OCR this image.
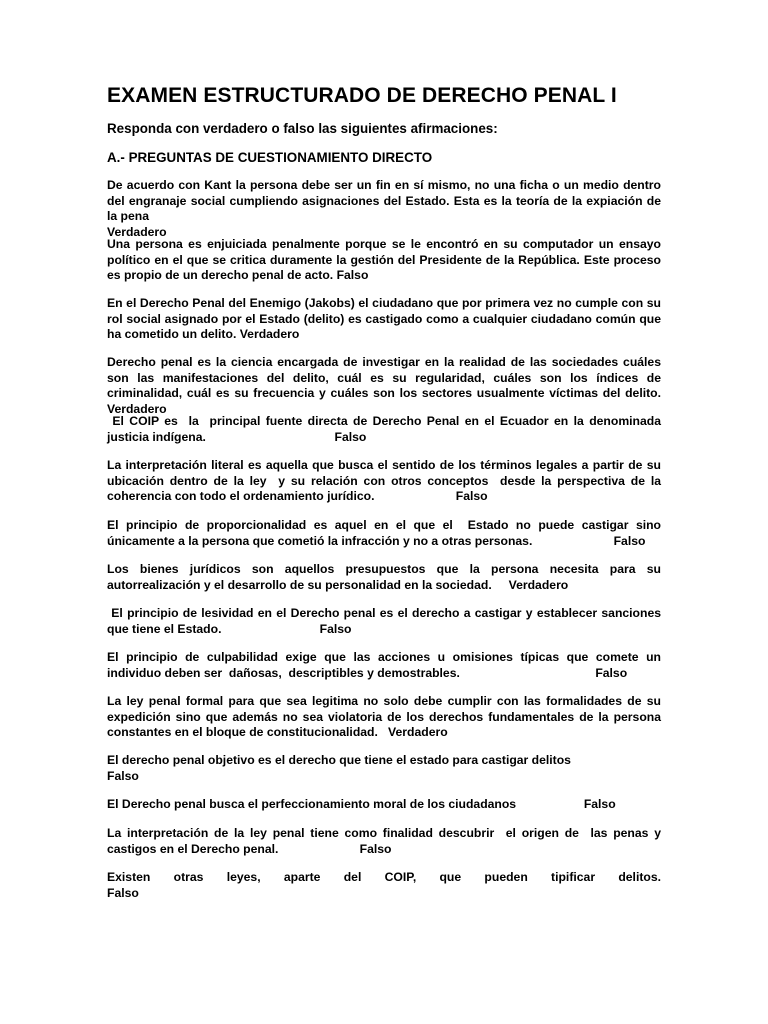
EXAMEN ESTRUCTURADO DE DERECHO PENAL I

Responda con verdadero o falso las siguientes afirmaciones:

A.- PREGUNTAS DE CUESTIONAMIENTO DIRECTO

De acuerdo con Kant la persona debe ser un fin en sí mismo, no una ficha o un medio dentro del engranaje social cumpliendo asignaciones del Estado. Esta es la teoría de la expiación de la pena
Verdadero

Una persona es enjuiciada penalmente porque se le encontró en su computador un ensayo político en el que se critica duramente la gestión del Presidente de la República. Este proceso es propio de un derecho penal de acto. Falso

En el Derecho Penal del Enemigo (Jakobs) el ciudadano que por primera vez no cumple con su rol social asignado por el Estado (delito) es castigado como a cualquier ciudadano común que ha cometido un delito. Verdadero

Derecho penal es la ciencia encargada de investigar en la realidad de las sociedades cuáles son las manifestaciones del delito, cuál es su regularidad, cuáles son los índices de criminalidad, cuál es su frecuencia y cuáles son los sectores usualmente víctimas del delito. Verdadero

El COIP es  la  principal fuente directa de Derecho Penal en el Ecuador en la denominada justicia indígena.                                      Falso

La interpretación literal es aquella que busca el sentido de los términos legales a partir de su ubicación dentro de la ley  y su relación con otros conceptos  desde la perspectiva de la coherencia con todo el ordenamiento jurídico.                        Falso

El principio de proporcionalidad es aquel en el que el  Estado no puede castigar sino únicamente a la persona que cometió la infracción y no a otras personas.                        Falso

Los bienes jurídicos son aquellos presupuestos que la persona necesita para su autorrealización y el desarrollo de su personalidad en la sociedad.     Verdadero

El principio de lesividad en el Derecho penal es el derecho a castigar y establecer sanciones que tiene el Estado.                             Falso

El principio de culpabilidad exige que las acciones u omisiones típicas que comete un individuo deben ser  dañosas,  descriptibles y demostrables.                                        Falso

La ley penal formal para que sea legitima no solo debe cumplir con las formalidades de su expedición sino que además no sea violatoria de los derechos fundamentales de la persona constantes en el bloque de constitucionalidad.   Verdadero

El derecho penal objetivo es el derecho que tiene el estado para castigar delitos
Falso

El Derecho penal busca el perfeccionamiento moral de los ciudadanos                    Falso

La interpretación de la ley penal tiene como finalidad descubrir  el origen de  las penas y castigos en el Derecho penal.                        Falso

Existen otras leyes, aparte del COIP, que pueden tipificar delitos.

Falso
